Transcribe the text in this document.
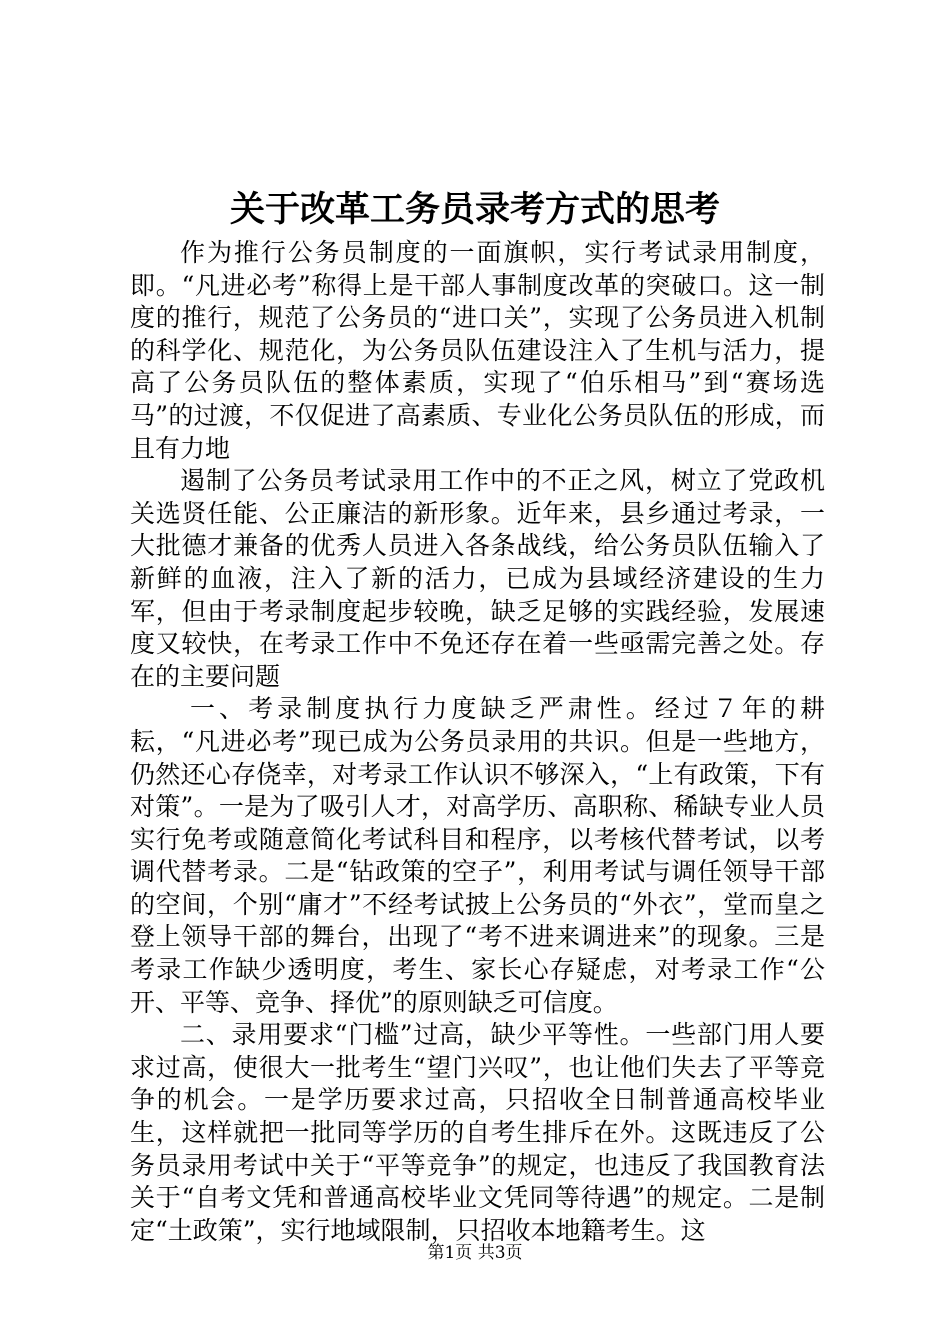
关于改革工务员录考方式的思考

作为推行公务员制度的一面旗帜，实行考试录用制度，即。“凡进必考”称得上是干部人事制度改革的突破口。这一制度的推行，规范了公务员的“进口关”，实现了公务员进入机制的科学化、规范化，为公务员队伍建设注入了生机与活力，提高了公务员队伍的整体素质，实现了“伯乐相马”到“赛场选马”的过渡，不仅促进了高素质、专业化公务员队伍的形成，而且有力地

遏制了公务员考试录用工作中的不正之风，树立了党政机关选贤任能、公正廉洁的新形象。近年来，县乡通过考录，一大批德才兼备的优秀人员进入各条战线，给公务员队伍输入了新鲜的血液，注入了新的活力，已成为县域经济建设的生力军，但由于考录制度起步较晚，缺乏足够的实践经验，发展速度又较快，在考录工作中不免还存在着一些亟需完善之处。存在的主要问题

一、考录制度执行力度缺乏严肃性。经过７年的耕耘，“凡进必考”现已成为公务员录用的共识。但是一些地方，仍然还心存侥幸，对考录工作认识不够深入，“上有政策，下有对策”。一是为了吸引人才，对高学历、高职称、稀缺专业人员实行免考或随意简化考试科目和程序，以考核代替考试，以考调代替考录。二是“钻政策的空子”，利用考试与调任领导干部的空间，个别“庸才”不经考试披上公务员的“外衣”，堂而皇之登上领导干部的舞台，出现了“考不进来调进来”的现象。三是考录工作缺少透明度，考生、家长心存疑虑，对考录工作“公开、平等、竞争、择优”的原则缺乏可信度。

二、录用要求“门槛”过高，缺少平等性。一些部门用人要求过高，使很大一批考生“望门兴叹”，也让他们失去了平等竞争的机会。一是学历要求过高，只招收全日制普通高校毕业生，这样就把一批同等学历的自考生排斥在外。这既违反了公务员录用考试中关于“平等竞争”的规定，也违反了我国教育法关于“自考文凭和普通高校毕业文凭同等待遇”的规定。二是制定“土政策”，实行地域限制，只招收本地籍考生。这

第1页 共3页
